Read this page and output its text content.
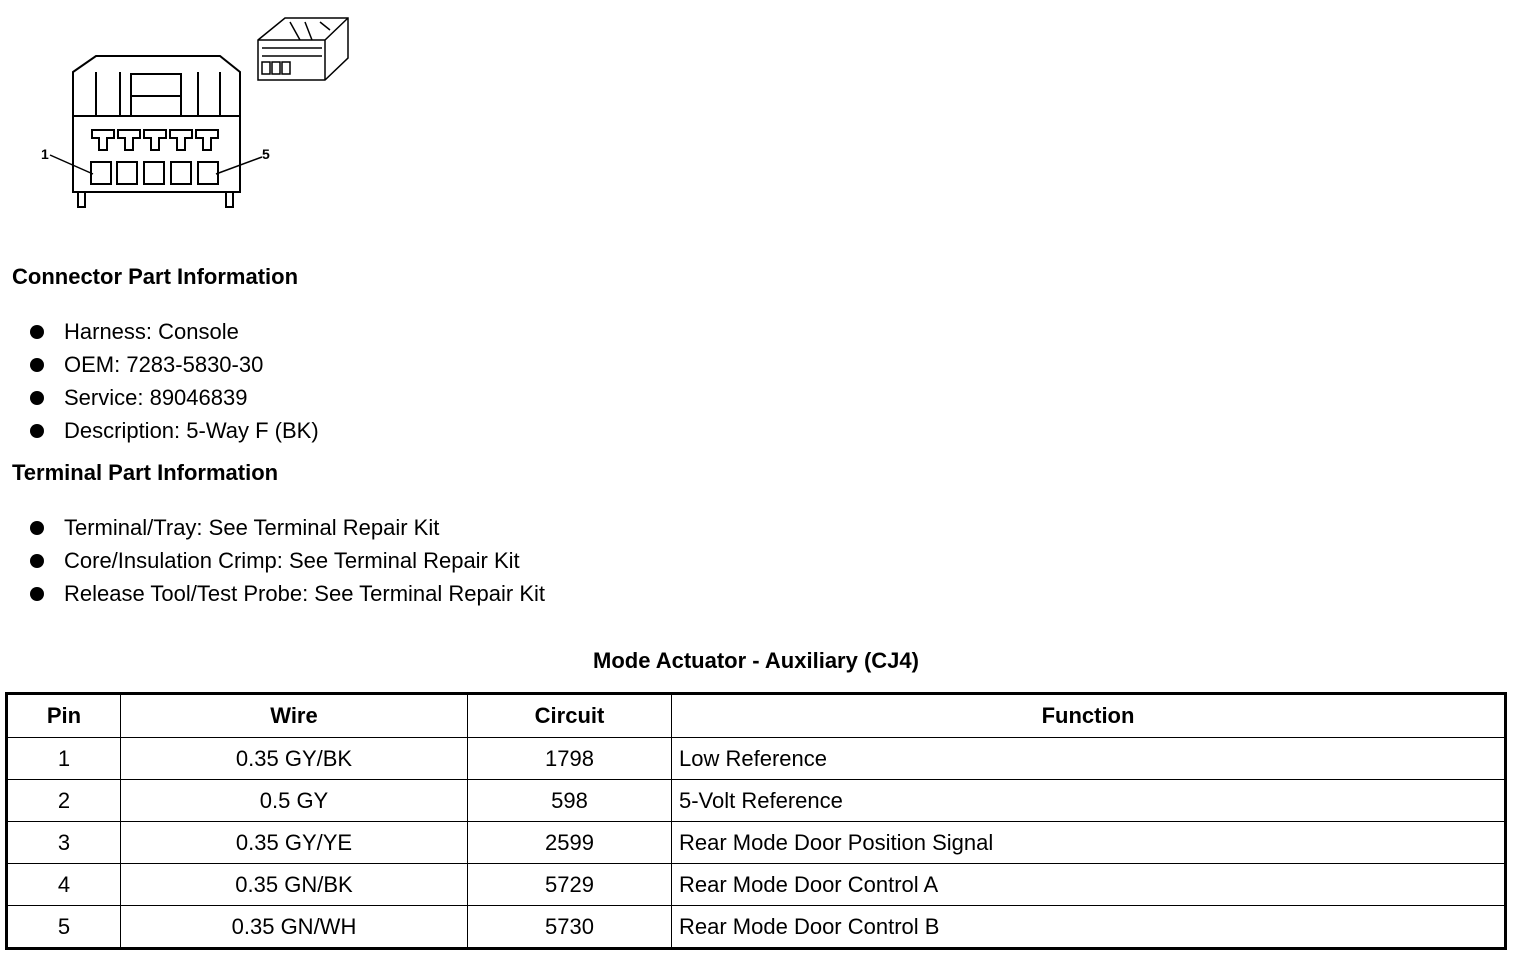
1	5
Connector Part Information
Harness: Console
OEM: 7283-5830-30
Service: 89046839
Description: 5-Way F (BK)
Terminal Part Information
Terminal/Tray: See Terminal Repair Kit
Core/Insulation Crimp: See Terminal Repair Kit
Release Tool/Test Probe: See Terminal Repair Kit
Mode Actuator - Auxiliary (CJ4)
Pin	Wire	Circuit	Function
1	0.35 GY/BK	1798	Low Reference
2	0.5 GY	598	5-Volt Reference
3	0.35 GY/YE	2599	Rear Mode Door Position Signal
4	0.35 GN/BK	5729	Rear Mode Door Control A
5	0.35 GN/WH	5730	Rear Mode Door Control B
